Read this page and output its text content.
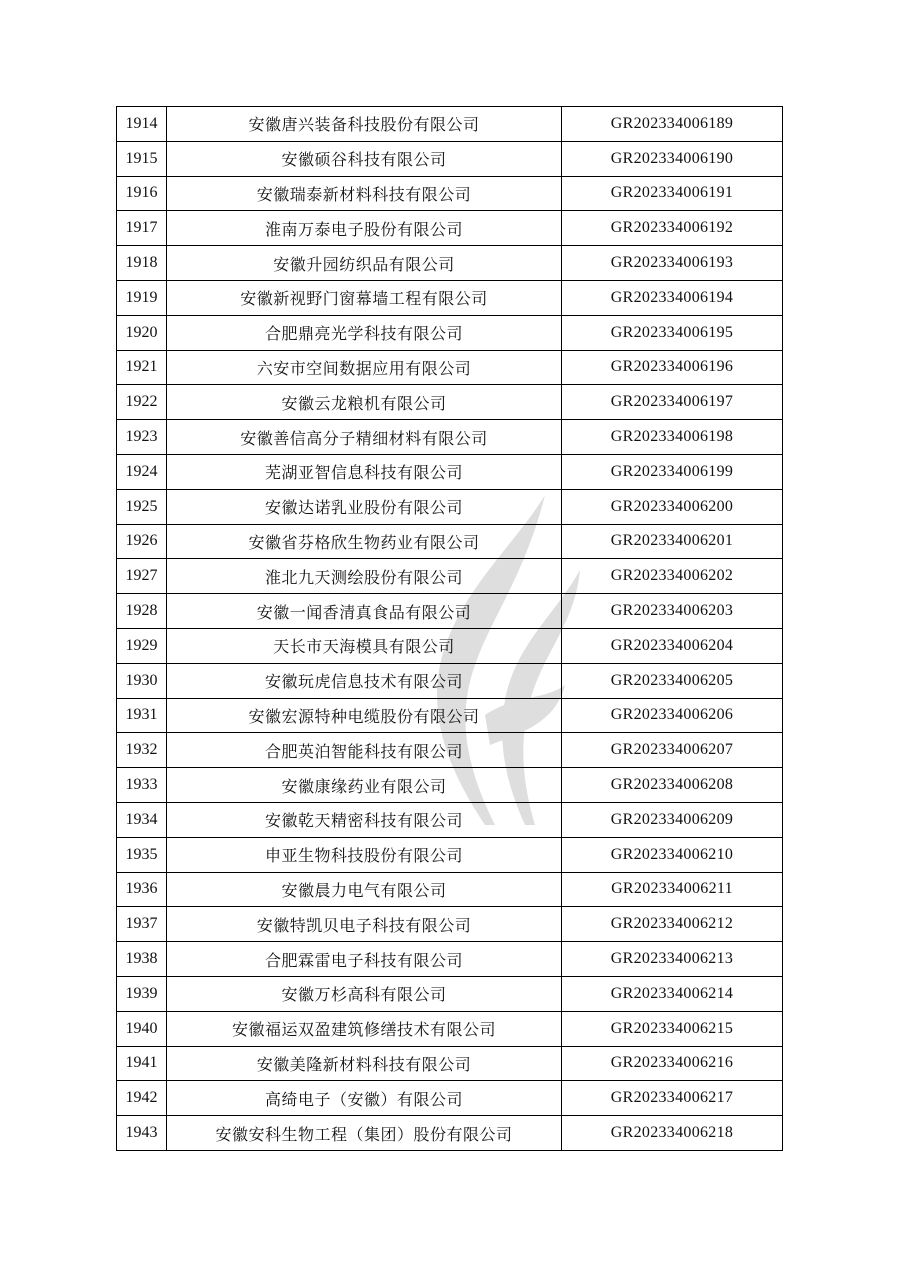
1914	安徽唐兴装备科技股份有限公司	GR202334006189
1915	安徽硕谷科技有限公司	GR202334006190
1916	安徽瑞泰新材料科技有限公司	GR202334006191
1917	淮南万泰电子股份有限公司	GR202334006192
1918	安徽升园纺织品有限公司	GR202334006193
1919	安徽新视野门窗幕墙工程有限公司	GR202334006194
1920	合肥鼎亮光学科技有限公司	GR202334006195
1921	六安市空间数据应用有限公司	GR202334006196
1922	安徽云龙粮机有限公司	GR202334006197
1923	安徽善信高分子精细材料有限公司	GR202334006198
1924	芜湖亚智信息科技有限公司	GR202334006199
1925	安徽达诺乳业股份有限公司	GR202334006200
1926	安徽省芬格欣生物药业有限公司	GR202334006201
1927	淮北九天测绘股份有限公司	GR202334006202
1928	安徽一闻香清真食品有限公司	GR202334006203
1929	天长市天海模具有限公司	GR202334006204
1930	安徽玩虎信息技术有限公司	GR202334006205
1931	安徽宏源特种电缆股份有限公司	GR202334006206
1932	合肥英泊智能科技有限公司	GR202334006207
1933	安徽康缘药业有限公司	GR202334006208
1934	安徽乾天精密科技有限公司	GR202334006209
1935	申亚生物科技股份有限公司	GR202334006210
1936	安徽晨力电气有限公司	GR202334006211
1937	安徽特凯贝电子科技有限公司	GR202334006212
1938	合肥霖雷电子科技有限公司	GR202334006213
1939	安徽万杉高科有限公司	GR202334006214
1940	安徽福运双盈建筑修缮技术有限公司	GR202334006215
1941	安徽美隆新材料科技有限公司	GR202334006216
1942	高绮电子（安徽）有限公司	GR202334006217
1943	安徽安科生物工程（集团）股份有限公司	GR202334006218
